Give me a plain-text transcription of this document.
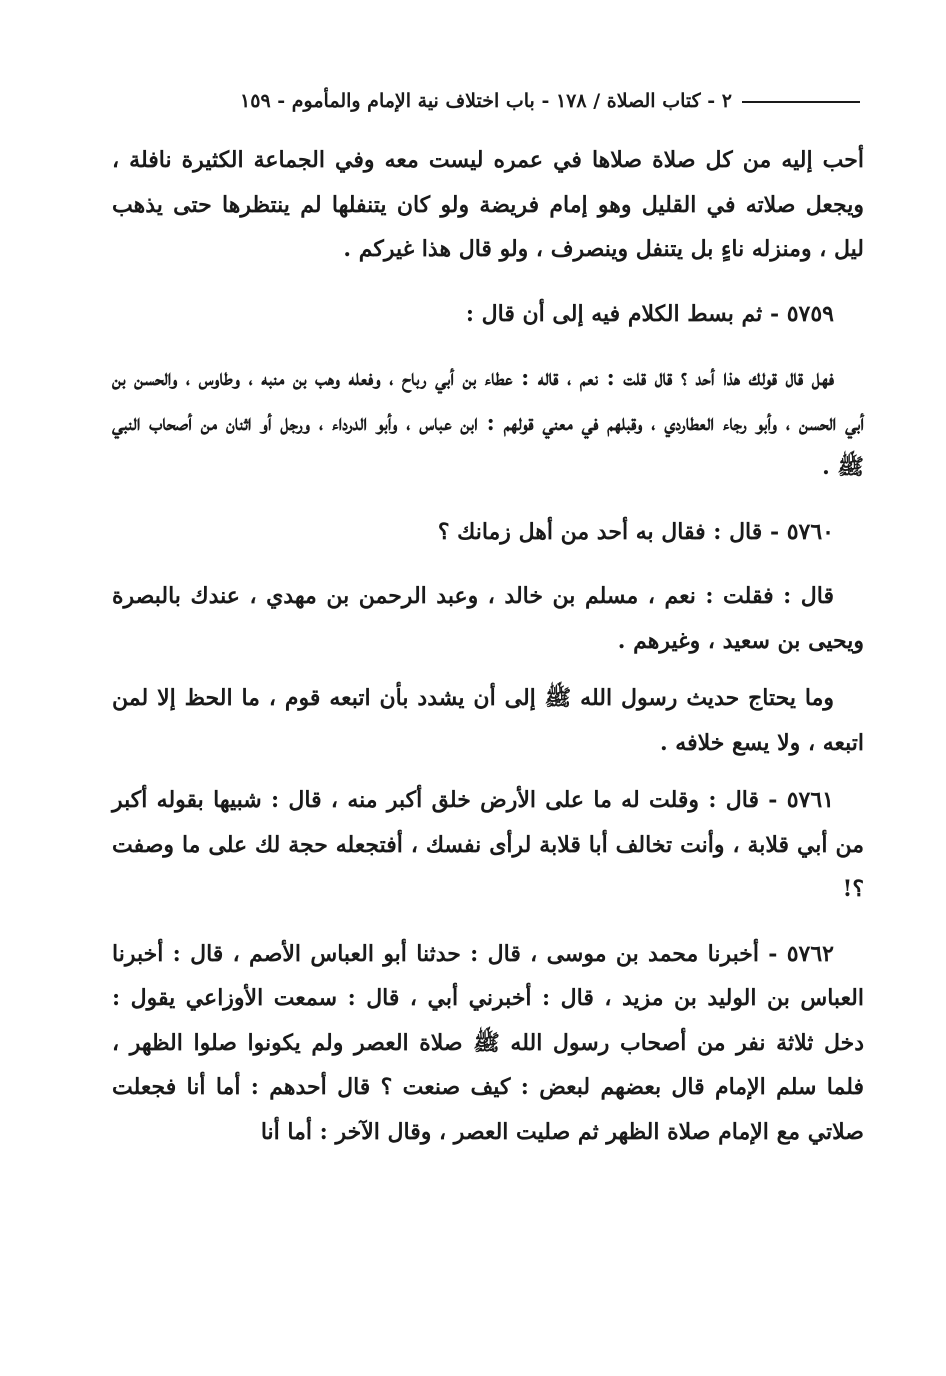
٢ - كتاب الصلاة / ١٧٨ - باب اختلاف نية الإمام والمأموم - ١٥٩

أحب إليه من كل صلاة صلاها في عمره ليست معه وفي الجماعة الكثيرة نافلة ، ويجعل صلاته في القليل وهو إمام فريضة ولو كان يتنفلها لم ينتظرها حتى يذهب ليل ، ومنزله ناءٍ بل يتنفل وينصرف ، ولو قال هذا غيركم .

٥٧٥٩ - ثم بسط الكلام فيه إلى أن قال :

فهل قال قولك هذا أحد ؟ قال قلت : نعم ، قاله : عطاء بن أبي رباح ، وفعله وهب بن منبه ، وطاوس ، والحسن بن أبي الحسن ، وأبو رجاء العطاردي ، وقبلهم في معني قولهم : ابن عباس ، وأبو الدرداء ، ورجل أو اثنان من أصحاب النبي ﷺ .

٥٧٦٠ - قال : فقال به أحد من أهل زمانك ؟

قال : فقلت : نعم ، مسلم بن خالد ، وعبد الرحمن بن مهدي ، عندك بالبصرة ويحيى بن سعيد ، وغيرهم .

وما يحتاج حديث رسول الله ﷺ إلى أن يشدد بأن اتبعه قوم ، ما الحظ إلا لمن اتبعه ، ولا يسع خلافه .

٥٧٦١ - قال : وقلت له ما على الأرض خلق أكبر منه ، قال : شبيها بقوله أكبر من أبي قلابة ، وأنت تخالف أبا قلابة لرأى نفسك ، أفتجعله حجة لك على ما وصفت ؟!

٥٧٦٢ - أخبرنا محمد بن موسى ، قال : حدثنا أبو العباس الأصم ، قال : أخبرنا العباس بن الوليد بن مزيد ، قال : أخبرني أبي ، قال : سمعت الأوزاعي يقول : دخل ثلاثة نفر من أصحاب رسول الله ﷺ صلاة العصر ولم يكونوا صلوا الظهر ، فلما سلم الإمام قال بعضهم لبعض : كيف صنعت ؟ قال أحدهم : أما أنا فجعلت صلاتي مع الإمام صلاة الظهر ثم صليت العصر ، وقال الآخر : أما أنا
